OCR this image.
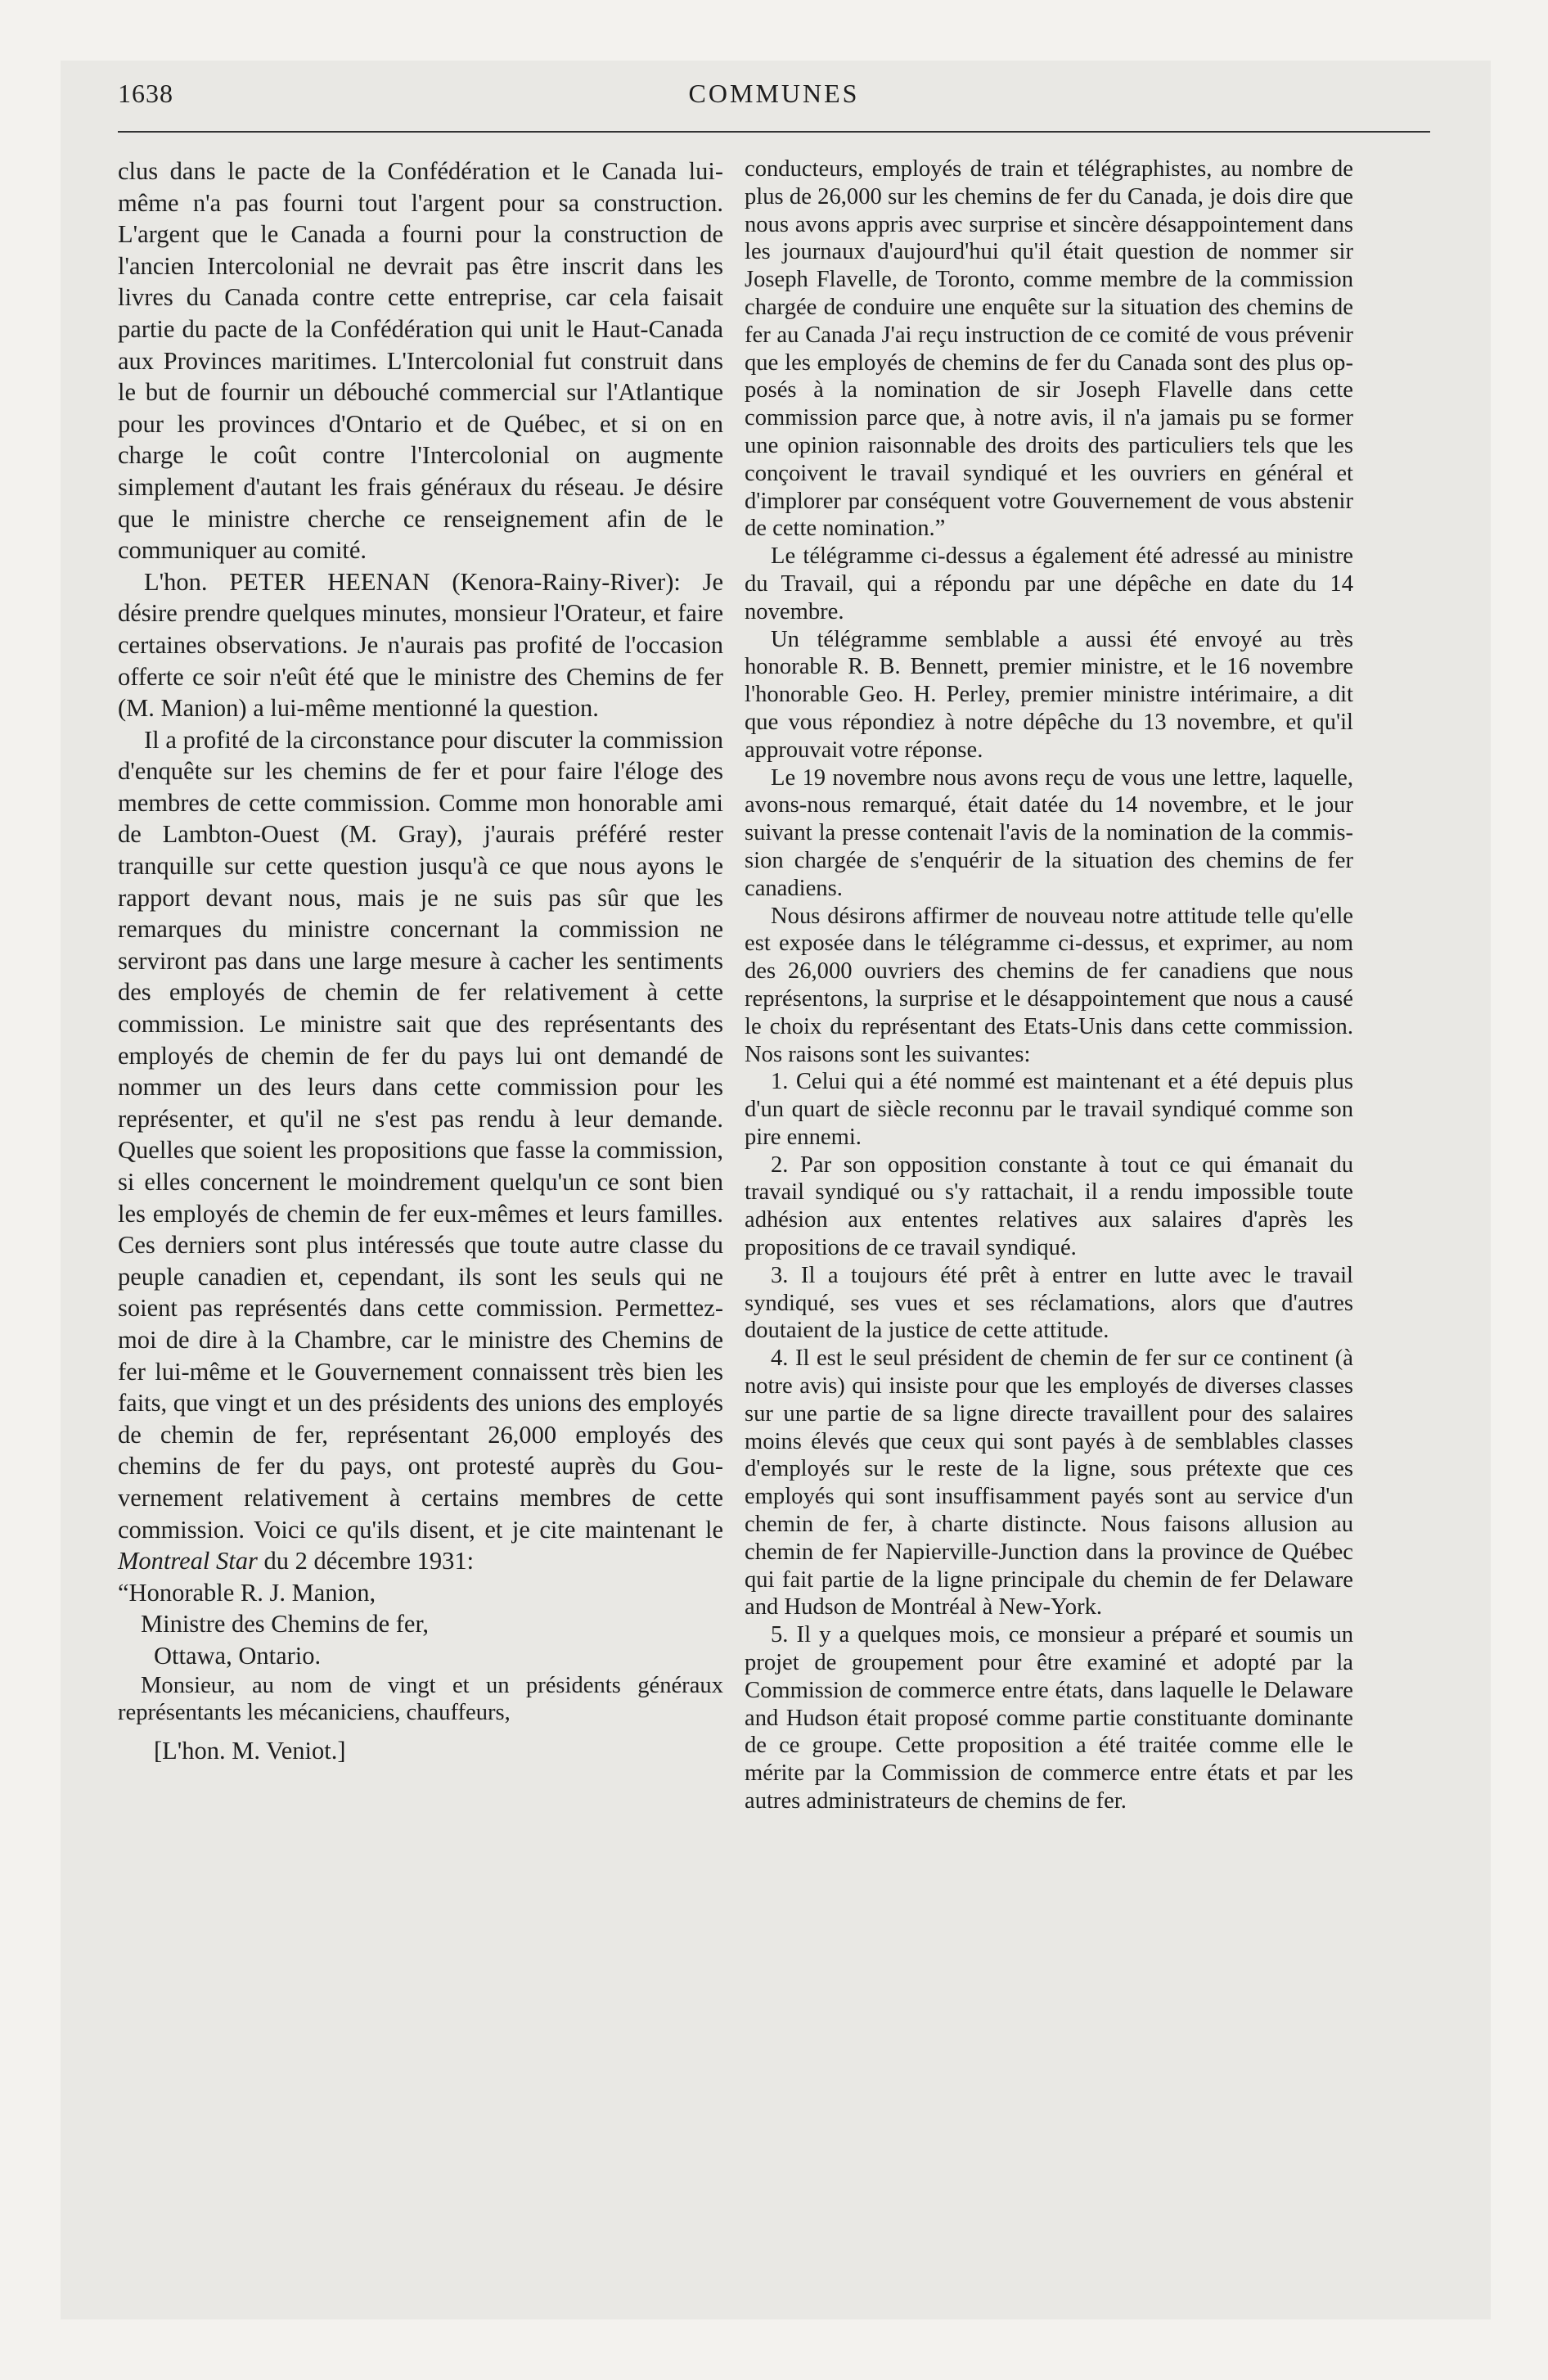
1638	COMMUNES

clus dans le pacte de la Confédération et le Canada lui-même n'a pas fourni tout l'argent pour sa construction. L'argent que le Canada a fourni pour la construction de l'ancien Intercolonial ne devrait pas être inscrit dans les livres du Canada contre cette entreprise, car cela faisait partie du pacte de la Confédération qui unit le Haut-Canada aux Provinces maritimes. L'Intercolonial fut construit dans le but de fournir un débouché commercial sur l'Atlantique pour les provinces d'Ontario et de Québec, et si on en charge le coût contre l'Intercolonial on augmente simplement d'autant les frais généraux du réseau. Je désire que le ministre cherche ce renseignement afin de le communiquer au comité.

L'hon. PETER HEENAN (Kenora-Rainy-River): Je désire prendre quelques minutes, monsieur l'Orateur, et faire certaines observations. Je n'aurais pas profité de l'occasion offerte ce soir n'eût été que le ministre des Chemins de fer (M. Manion) a lui-même mentionné la question.

Il a profité de la circonstance pour discuter la commission d'enquête sur les chemins de fer et pour faire l'éloge des membres de cette commission. Comme mon honorable ami de Lambton-Ouest (M. Gray), j'aurais préféré rester tranquille sur cette question jusqu'à ce que nous ayons le rapport devant nous, mais je ne suis pas sûr que les remarques du ministre concernant la commission ne serviront pas dans une large mesure à cacher les sentiments des employés de chemin de fer relativement à cette commission. Le ministre sait que des représentants des employés de chemin de fer du pays lui ont demandé de nommer un des leurs dans cette commission pour les représenter, et qu'il ne s'est pas rendu à leur demande. Quelles que soient les propositions que fasse la commission, si elles concernent le moindrement quelqu'un ce sont bien les employés de chemin de fer eux-mêmes et leurs familles. Ces derniers sont plus intéressés que toute autre classe du peuple canadien et, cependant, ils sont les seuls qui ne soient pas représentés dans cette commission. Permettez-moi de dire à la Chambre, car le ministre des Chemins de fer lui-même et le Gouvernement connaissent très bien les faits, que vingt et un des présidents des unions des employés de chemin de fer, représentant 26,000 employés des chemins de fer du pays, ont protesté auprès du Gouvernement relativement à certains membres de cette commission. Voici ce qu'ils disent, et je cite maintenant le Montreal Star du 2 décembre 1931:

“Honorable R. J. Manion,

Ministre des Chemins de fer,

Ottawa, Ontario.

Monsieur, au nom de vingt et un présidents généraux représentants les mécaniciens, chauffeurs,

[L'hon. M. Veniot.]

conducteurs, employés de train et télégraphistes, au nombre de plus de 26,000 sur les chemins de fer du Canada, je dois dire que nous avons appris avec surprise et sincère désappointement dans les journaux d'aujourd'hui qu'il était question de nommer sir Joseph Flavelle, de Toronto, comme membre de la commission chargée de conduire une enquête sur la situation des chemins de fer au Canada J'ai reçu instruction de ce comité de vous prévenir que les employés de chemins de fer du Canada sont des plus opposés à la nomination de sir Joseph Flavelle dans cette commission parce que, à notre avis, il n'a jamais pu se former une opinion raisonnable des droits des particuliers tels que les conçoivent le travail syndiqué et les ouvriers en général et d'implorer par conséquent votre Gouvernement de vous abstenir de cette nomination.”

Le télégramme ci-dessus a également été adressé au ministre du Travail, qui a répondu par une dépêche en date du 14 novembre.

Un télégramme semblable a aussi été envoyé au très honorable R. B. Bennett, premier ministre, et le 16 novembre l'honorable Geo. H. Perley, premier ministre intérimaire, a dit que vous répondiez à notre dépêche du 13 novembre, et qu'il approuvait votre réponse.

Le 19 novembre nous avons reçu de vous une lettre, laquelle, avons-nous remarqué, était datée du 14 novembre, et le jour suivant la presse contenait l'avis de la nomination de la commission chargée de s'enquérir de la situation des chemins de fer canadiens.

Nous désirons affirmer de nouveau notre attitude telle qu'elle est exposée dans le télégramme ci-dessus, et exprimer, au nom des 26,000 ouvriers des chemins de fer canadiens que nous représentons, la surprise et le désappointement que nous a causé le choix du représentant des Etats-Unis dans cette commission. Nos raisons sont les suivantes:

1. Celui qui a été nommé est maintenant et a été depuis plus d'un quart de siècle reconnu par le travail syndiqué comme son pire ennemi.

2. Par son opposition constante à tout ce qui émanait du travail syndiqué ou s'y rattachait, il a rendu impossible toute adhésion aux ententes relatives aux salaires d'après les propositions de ce travail syndiqué.

3. Il a toujours été prêt à entrer en lutte avec le travail syndiqué, ses vues et ses réclamations, alors que d'autres doutaient de la justice de cette attitude.

4. Il est le seul président de chemin de fer sur ce continent (à notre avis) qui insiste pour que les employés de diverses classes sur une partie de sa ligne directe travaillent pour des salaires moins élevés que ceux qui sont payés à de semblables classes d'employés sur le reste de la ligne, sous prétexte que ces employés qui sont insuffisamment payés sont au service d'un chemin de fer, à charte distincte. Nous faisons allusion au chemin de fer Napierville-Junction dans la province de Québec qui fait partie de la ligne principale du chemin de fer Delaware and Hudson de Montréal à New-York.

5. Il y a quelques mois, ce monsieur a préparé et soumis un projet de groupement pour être examiné et adopté par la Commission de commerce entre états, dans laquelle le Delaware and Hudson était proposé comme partie constituante dominante de ce groupe. Cette proposition a été traitée comme elle le mérite par la Commission de commerce entre états et par les autres administrateurs de chemins de fer.
